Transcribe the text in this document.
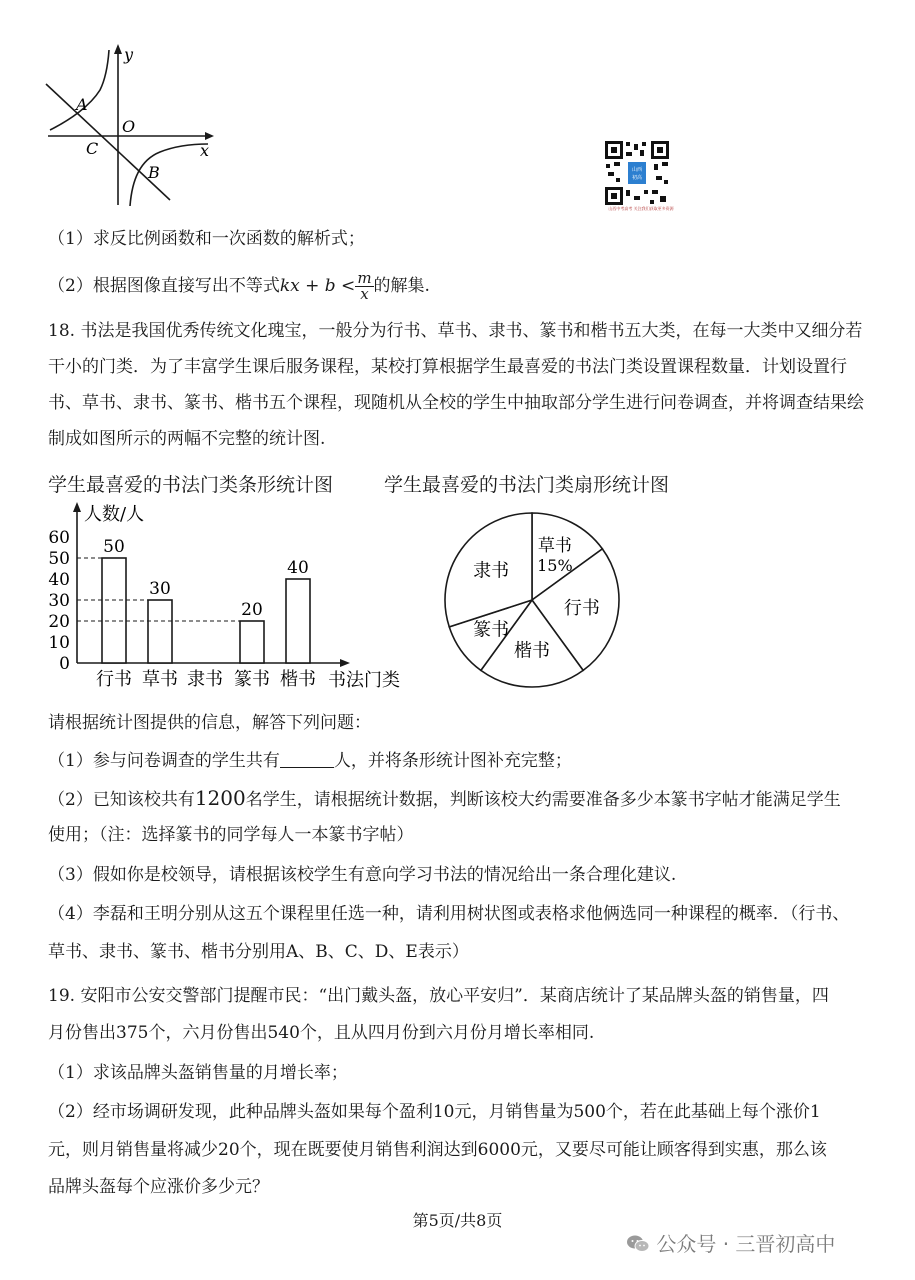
y
x
O
A
B
C
山西
初高
山西中考高考 关注我们获取更多资源
（1）求反比例函数和一次函数的解析式；
（2）根据图像直接写出不等式kx + $b < \frac{m}{x}$ 的解集.
18. 书法是我国优秀传统文化瑰宝，一般分为行书、草书、隶书、篆书和楷书五大类，在每一大类中又细分若干小的门类．为了丰富学生课后服务课程，某校打算根据学生最喜爱的书法门类设置课程数量．计划设置行书、草书、隶书、篆书、楷书五个课程，现随机从全校的学生中抽取部分学生进行问卷调查，并将调查结果绘制成如图所示的两幅不完整的统计图.
学生最喜爱的书法门类条形统计图	学生最喜爱的书法门类扇形统计图
人数/人
书法门类
0
10
20
30
40
50
60
行书
50
草书
30
隶书 篆书
20
楷书
40
草书
15%
行书
楷书
篆书
隶书
请根据统计图提供的信息，解答下列问题：
（1）参与问卷调查的学生共有	人，并将条形统计图补充完整；
（2）已知该校共有1200名学生，请根据统计数据，判断该校大约需要准备多少本篆书字帖才能满足学生
使用；（注：选择篆书的同学每人一本篆书字帖）
（3）假如你是校领导，请根据该校学生有意向学习书法的情况给出一条合理化建议.
（4）李磊和王明分别从这五个课程里任选一种，请利用树状图或表格求他俩选同一种课程的概率．（行书、
草书、隶书、篆书、楷书分别用A、B、C、D、E表示）
19. 安阳市公安交警部门提醒市民：“出门戴头盔，放心平安归”．某商店统计了某品牌头盔的销售量，四
月份售出375个，六月份售出540个，且从四月份到六月份月增长率相同.
（1）求该品牌头盔销售量的月增长率；
（2）经市场调研发现，此种品牌头盔如果每个盈利10元，月销售量为500个，若在此基础上每个涨价1
元，则月销售量将减少20个，现在既要使月销售利润达到6000元，又要尽可能让顾客得到实惠，那么该
品牌头盔每个应涨价多少元？
第5页/共8页
公众号 · 三晋初高中
